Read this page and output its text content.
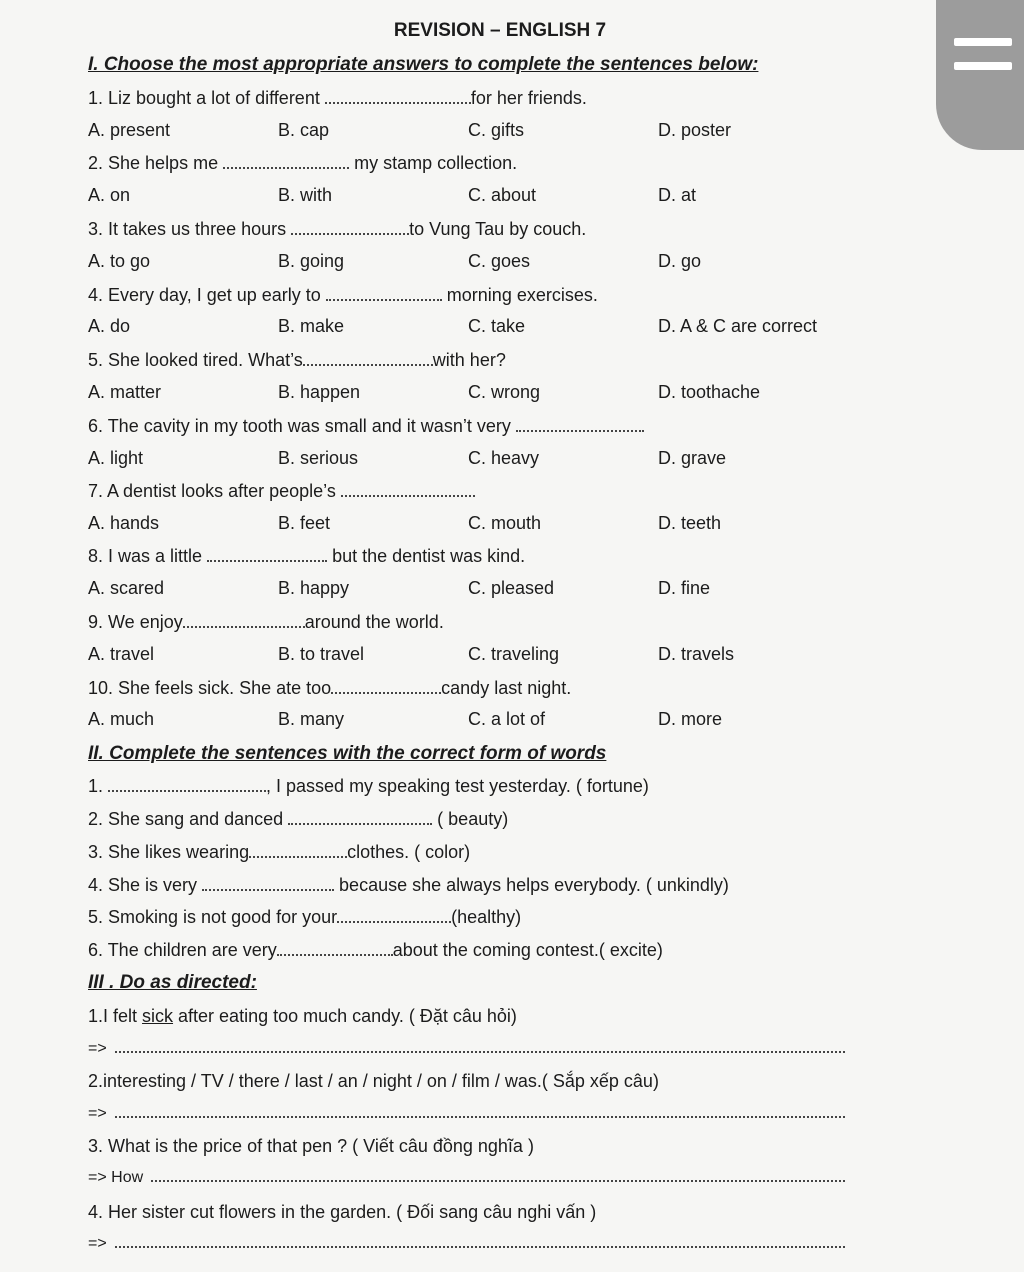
REVISION – ENGLISH 7
I. Choose the most appropriate answers to complete the sentences below:
1. Liz bought a lot of different	for her friends.
A. present	B. cap	C. gifts	D. poster
2. She helps me	my stamp collection.
A. on	B. with	C. about	D. at
3. It takes us three hours	to Vung Tau by couch.
A. to go	B. going	C. goes	D. go
4. Every day, I get up early to	morning exercises.
A. do	B. make	C. take	D. A & C are correct
5. She looked tired. What’s	with her?
A. matter	B. happen	C. wrong	D. toothache
6. The cavity in my tooth was small and it wasn’t very
A. light	B. serious	C. heavy	D. grave
7. A dentist looks after people’s
A. hands	B. feet	C. mouth	D. teeth
8. I was a little	but the dentist was kind.
A. scared	B. happy	C. pleased	D. fine
9. We enjoy	around the world.
A. travel	B. to travel	C. traveling	D. travels
10. She feels sick. She ate too	candy last night.
A. much	B. many	C. a lot of	D. more
II. Complete the sentences with the correct form of words
1.	, I passed my speaking test yesterday. ( fortune)
2. She sang and danced	( beauty)
3. She likes wearing	clothes. ( color)
4. She is very	because she always helps everybody. ( unkindly)
5. Smoking is not good for your	(healthy)
6. The children are very	about the coming contest.( excite)
III . Do as directed:
1.I felt sick after eating too much candy. ( Đặt câu hỏi)
=>
2.interesting / TV / there / last / an / night / on / film / was.( Sắp xếp câu)
=>
3. What is the price of that pen ? ( Viết câu đồng nghĩa )
=> How
4. Her sister cut flowers in the garden. ( Đối sang câu nghi vấn )
=>
